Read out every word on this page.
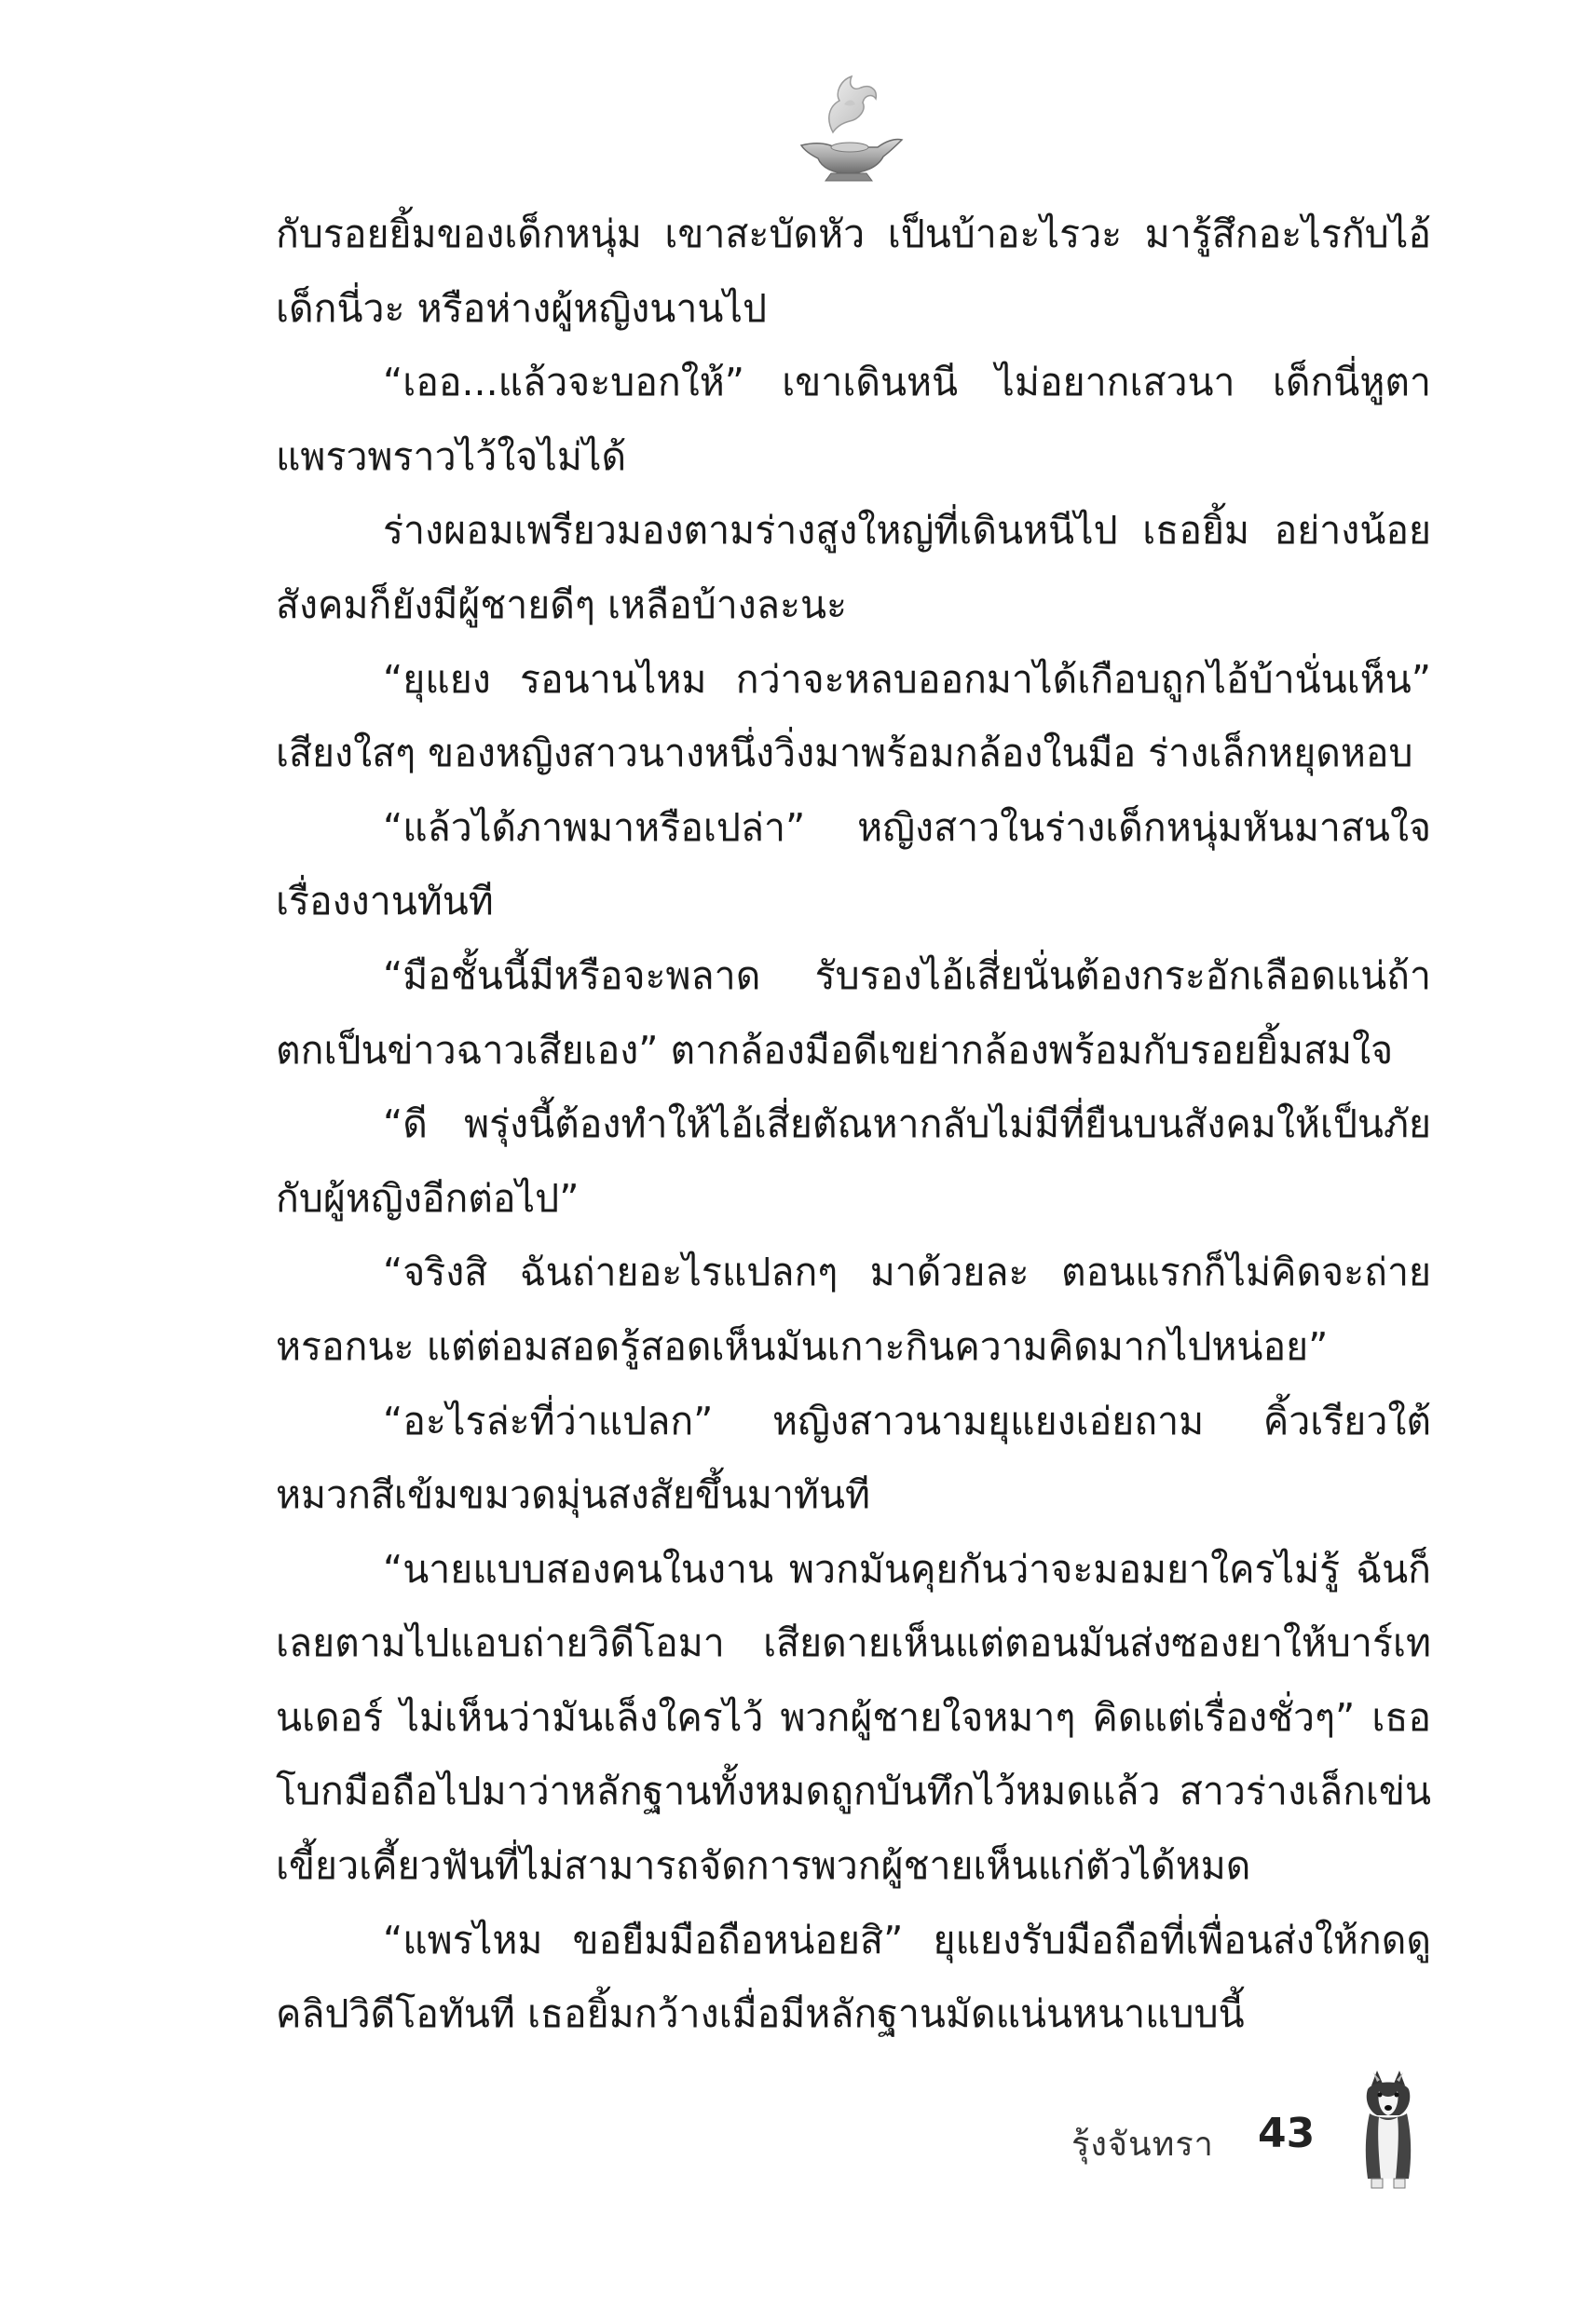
กับรอยยิ้มของเด็กหนุ่ม เขาสะบัดหัว เป็นบ้าอะไรวะ มารู้สึกอะไรกับไอ้เด็กนี่วะ หรือห่างผู้หญิงนานไป

“เออ...แล้วจะบอกให้” เขาเดินหนี ไม่อยากเสวนา เด็กนี่หูตาแพรวพราวไว้ใจไม่ได้

ร่างผอมเพรียวมองตามร่างสูงใหญ่ที่เดินหนีไป เธอยิ้ม อย่างน้อยสังคมก็ยังมีผู้ชายดีๆ เหลือบ้างละนะ

“ยุแยง รอนานไหม กว่าจะหลบออกมาได้เกือบถูกไอ้บ้านั่นเห็น” เสียงใสๆ ของหญิงสาวนางหนึ่งวิ่งมาพร้อมกล้องในมือ ร่างเล็กหยุดหอบ

“แล้วได้ภาพมาหรือเปล่า” หญิงสาวในร่างเด็กหนุ่มหันมาสนใจเรื่องงานทันที

“มือชั้นนี้มีหรือจะพลาด รับรองไอ้เสี่ยนั่นต้องกระอักเลือดแน่ถ้าตกเป็นข่าวฉาวเสียเอง” ตากล้องมือดีเขย่ากล้องพร้อมกับรอยยิ้มสมใจ

“ดี พรุ่งนี้ต้องทำให้ไอ้เสี่ยตัณหากลับไม่มีที่ยืนบนสังคมให้เป็นภัยกับผู้หญิงอีกต่อไป”

“จริงสิ ฉันถ่ายอะไรแปลกๆ มาด้วยละ ตอนแรกก็ไม่คิดจะถ่ายหรอกนะ แต่ต่อมสอดรู้สอดเห็นมันเกาะกินความคิดมากไปหน่อย”

“อะไรล่ะที่ว่าแปลก” หญิงสาวนามยุแยงเอ่ยถาม คิ้วเรียวใต้หมวกสีเข้มขมวดมุ่นสงสัยขึ้นมาทันที

“นายแบบสองคนในงาน พวกมันคุยกันว่าจะมอมยาใครไม่รู้ ฉันก็เลยตามไปแอบถ่ายวิดีโอมา เสียดายเห็นแต่ตอนมันส่งซองยาให้บาร์เทนเดอร์ ไม่เห็นว่ามันเล็งใครไว้ พวกผู้ชายใจหมาๆ คิดแต่เรื่องชั่วๆ” เธอโบกมือถือไปมาว่าหลักฐานทั้งหมดถูกบันทึกไว้หมดแล้ว สาวร่างเล็กเข่นเขี้ยวเคี้ยวฟันที่ไม่สามารถจัดการพวกผู้ชายเห็นแก่ตัวได้หมด

“แพรไหม ขอยืมมือถือหน่อยสิ” ยุแยงรับมือถือที่เพื่อนส่งให้กดดูคลิปวิดีโอทันที เธอยิ้มกว้างเมื่อมีหลักฐานมัดแน่นหนาแบบนี้

รุ้งจันทรา 43
